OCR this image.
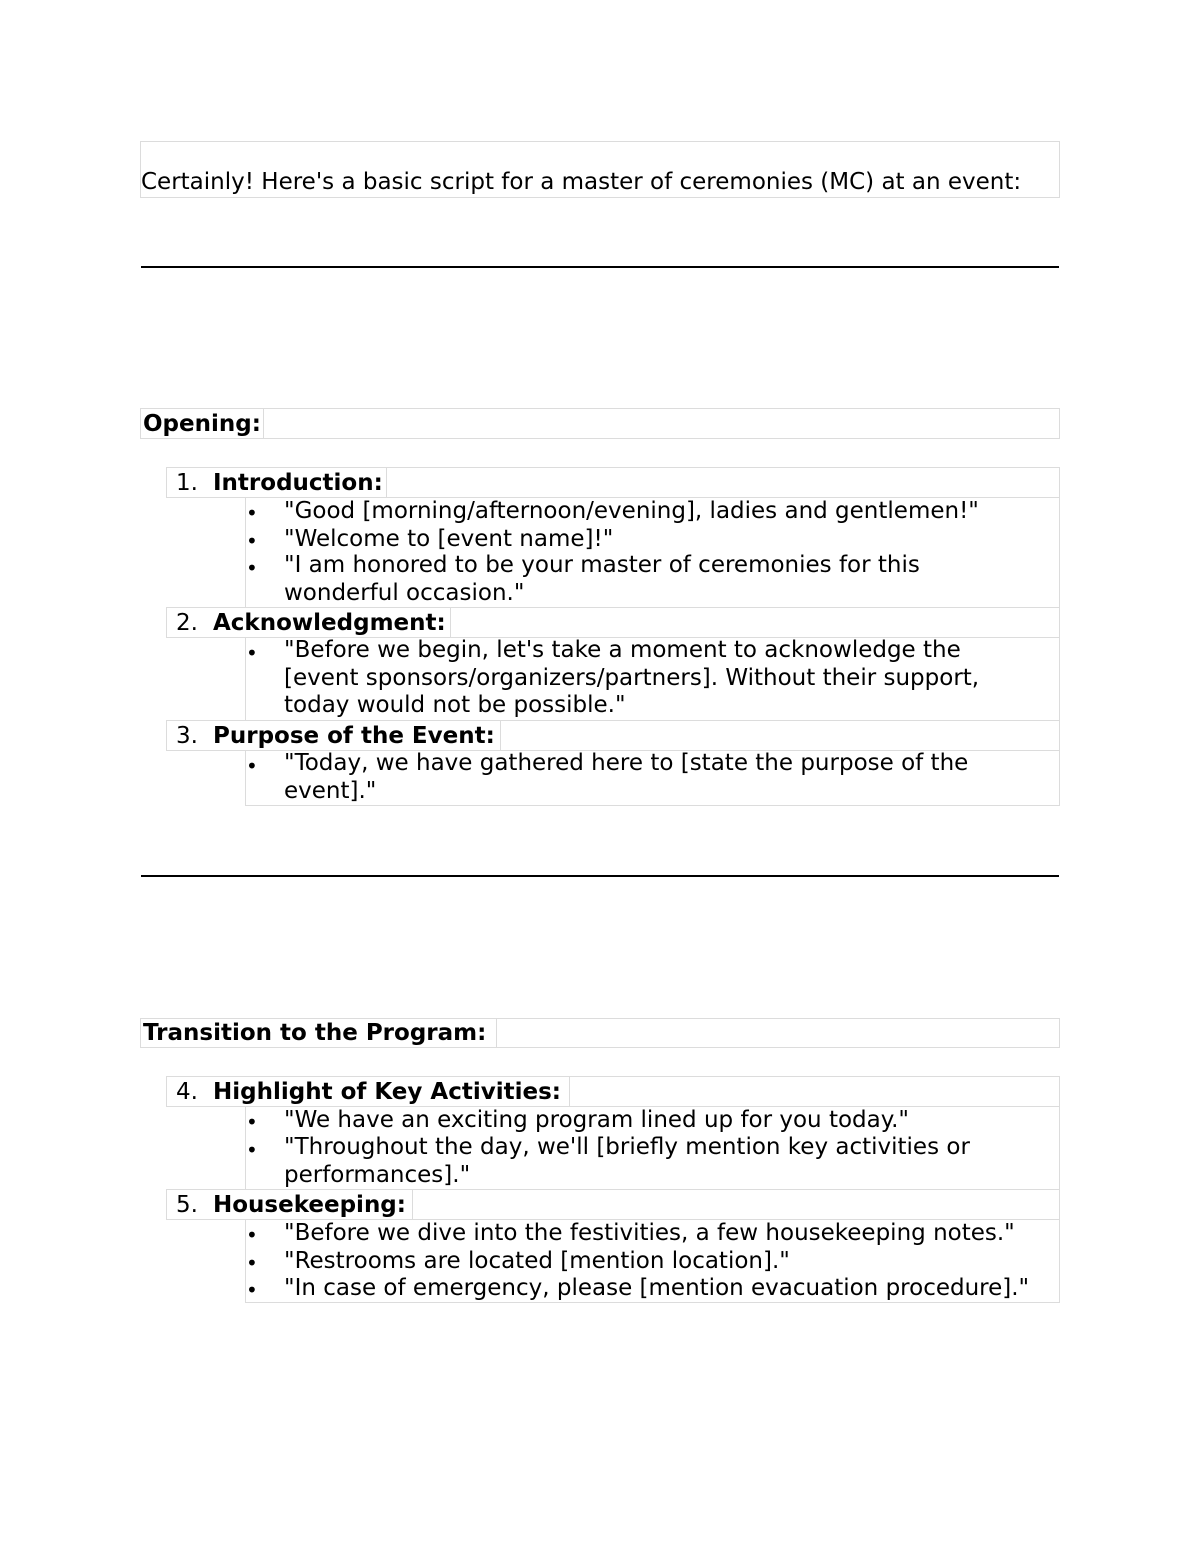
Certainly! Here's a basic script for a master of ceremonies (MC) at an event:
Opening:
1. Introduction:
• "Good [morning/afternoon/evening], ladies and gentlemen!"
• "Welcome to [event name]!"
• "I am honored to be your master of ceremonies for this wonderful occasion."
2. Acknowledgment:
• "Before we begin, let's take a moment to acknowledge the [event sponsors/organizers/partners]. Without their support, today would not be possible."
3. Purpose of the Event:
• "Today, we have gathered here to [state the purpose of the event]."
Transition to the Program:
4. Highlight of Key Activities:
• "We have an exciting program lined up for you today."
• "Throughout the day, we'll [briefly mention key activities or performances]."
5. Housekeeping:
• "Before we dive into the festivities, a few housekeeping notes."
• "Restrooms are located [mention location]."
• "In case of emergency, please [mention evacuation procedure]."
